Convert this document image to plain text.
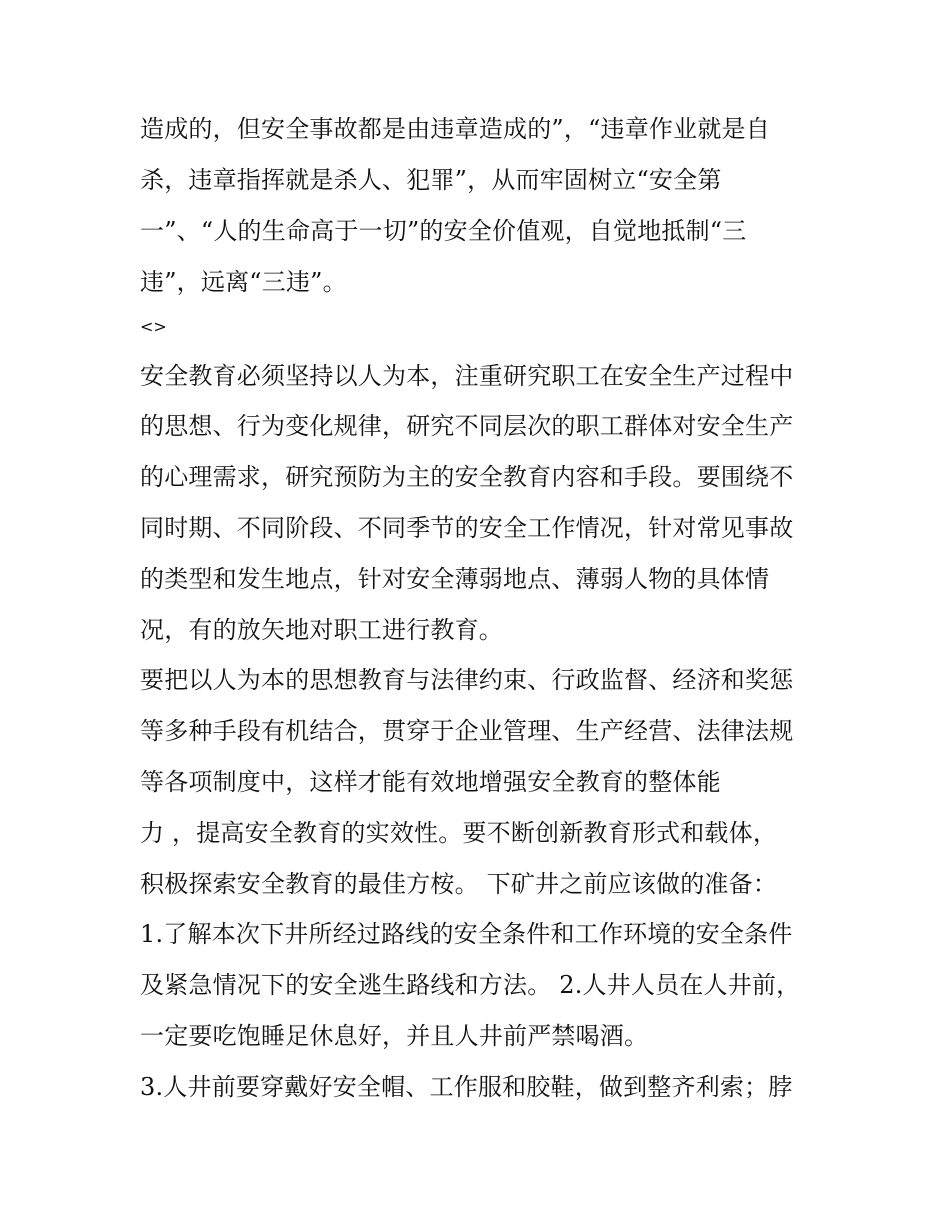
造成的，但安全事故都是由违章造成的”，“违章作业就是自

杀，违章指挥就是杀人、犯罪”，从而牢固树立“安全第

一”、“人的生命高于一切”的安全价值观，自觉地抵制“三

违”，远离“三违”。

<>

安全教育必须坚持以人为本，注重研究职工在安全生产过程中

的思想、行为变化规律，研究不同层次的职工群体对安全生产

的心理需求，研究预防为主的安全教育内容和手段。要围绕不

同时期、不同阶段、不同季节的安全工作情况，针对常见事故

的类型和发生地点，针对安全薄弱地点、薄弱人物的具体情

况，有的放矢地对职工进行教育。

要把以人为本的思想教育与法律约束、行政监督、经济和奖惩

等多种手段有机结合，贯穿于企业管理、生产经营、法律法规

等各项制度中，这样才能有效地增强安全教育的整体能

力 ，提高安全教育的实效性。要不断创新教育形式和载体，

积极探索安全教育的最佳方桉。 下矿井之前应该做的准备：

1.了解本次下井所经过路线的安全条件和工作环境的安全条件

及紧急情况下的安全逃生路线和方法。 2.人井人员在人井前，

一定要吃饱睡足休息好，并且人井前严禁喝酒。

3.人井前要穿戴好安全帽、工作服和胶鞋，做到整齐利索；脖
